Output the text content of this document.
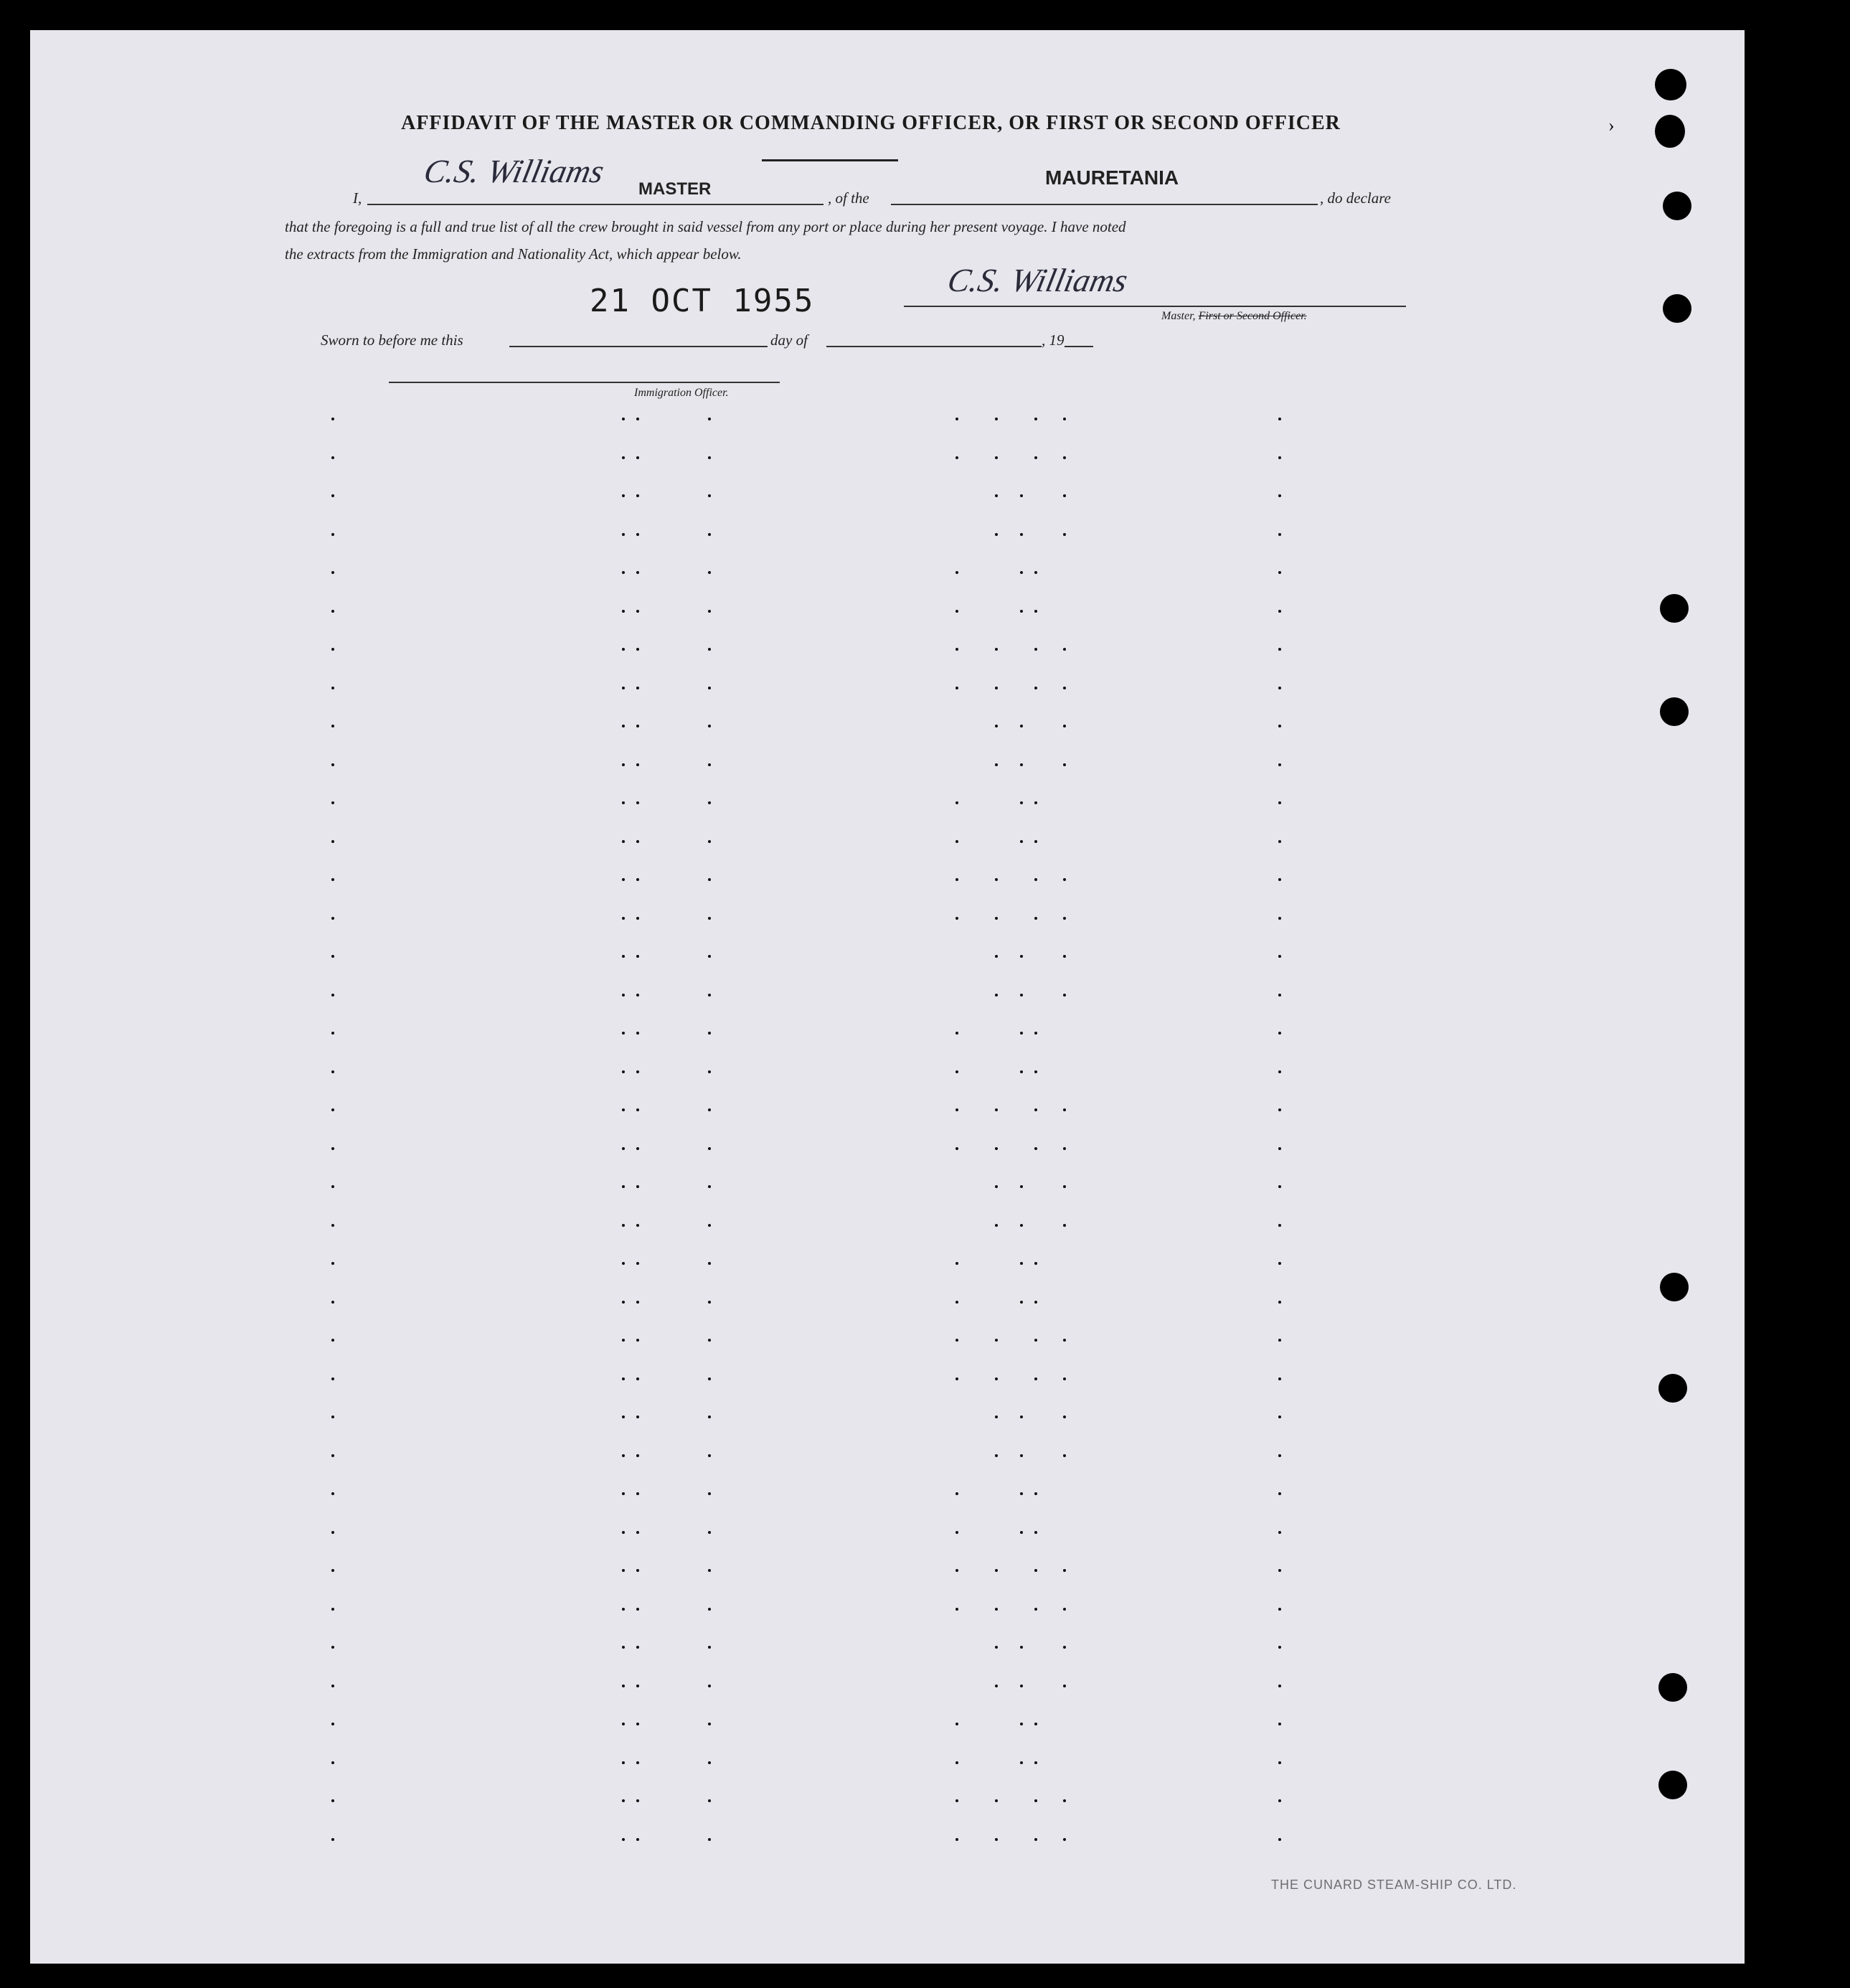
AFFIDAVIT OF THE MASTER OR COMMANDING OFFICER, OR FIRST OR SECOND OFFICER
I,
C.S. Williams MASTER	, of the
MAURETANIA
, do declare
that the foregoing is a full and true list of all the crew brought in said vessel from any port or place during her present voyage. I have noted
the extracts from the Immigration and Nationality Act, which appear below.
21 OCT 1955
C.S. Williams
Master, First or Second Officer.
Sworn to before me this	day of	, 19
Immigration Officer.
›
THE CUNARD STEAM-SHIP CO. LTD.
